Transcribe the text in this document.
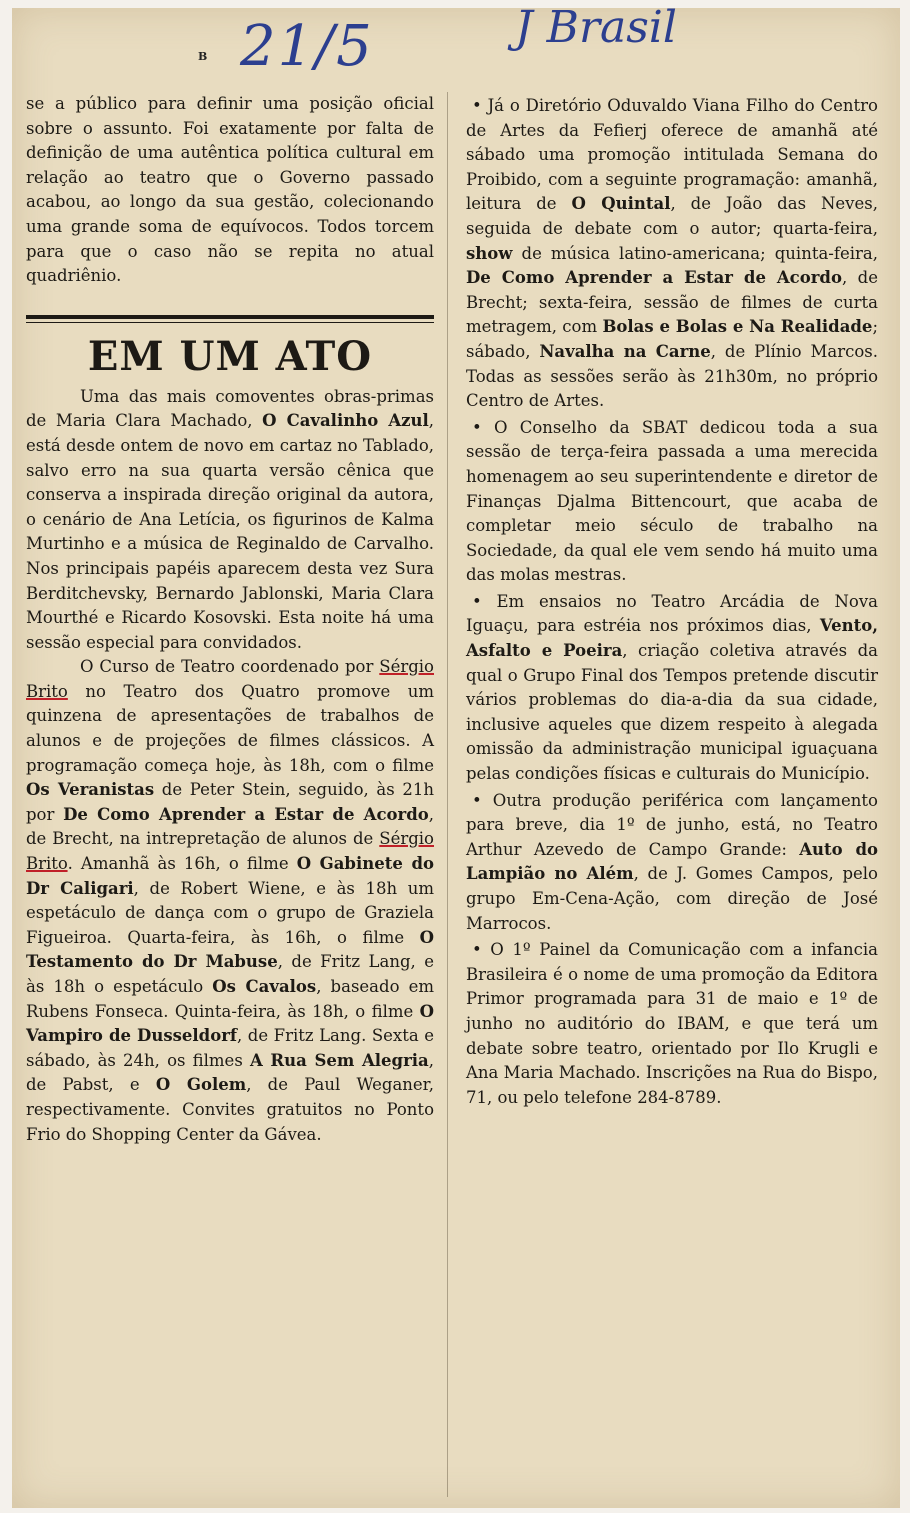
21/5	J Brasil
B

se a público para definir uma posição oficial sobre o assunto. Foi exatamente por falta de definição de uma autêntica política cultural em relação ao teatro que o Governo passado acabou, ao longo da sua gestão, colecionando uma grande soma de equívocos. Todos torcem para que o caso não se repita no atual quadriênio.

EM UM ATO

Uma das mais comoventes obras-primas de Maria Clara Machado, O Cavalinho Azul, está desde ontem de novo em cartaz no Tablado, salvo erro na sua quarta versão cênica que conserva a inspirada direção original da autora, o cenário de Ana Letícia, os figurinos de Kalma Murtinho e a música de Reginaldo de Carvalho. Nos principais papéis aparecem desta vez Sura Berditchevsky, Bernardo Jablonski, Maria Clara Mourthé e Ricardo Kosovski. Esta noite há uma sessão especial para convidados.

O Curso de Teatro coordenado por Sérgio Brito no Teatro dos Quatro promove um quinzena de apresentações de trabalhos de alunos e de projeções de filmes clássicos. A programação começa hoje, às 18h, com o filme Os Veranistas de Peter Stein, seguido, às 21h por De Como Aprender a Estar de Acordo, de Brecht, na intrepretação de alunos de Sérgio Brito. Amanhã às 16h, o filme O Gabinete do Dr Caligari, de Robert Wiene, e às 18h um espetáculo de dança com o grupo de Graziela Figueiroa. Quarta-feira, às 16h, o filme O Testamento do Dr Mabuse, de Fritz Lang, e às 18h o espetáculo Os Cavalos, baseado em Rubens Fonseca. Quinta-feira, às 18h, o filme O Vampiro de Dusseldorf, de Fritz Lang. Sexta e sábado, às 24h, os filmes A Rua Sem Alegria, de Pabst, e O Golem, de Paul Weganer, respectivamente. Convites gratuitos no Ponto Frio do Shopping Center da Gávea.

• Já o Diretório Oduvaldo Viana Filho do Centro de Artes da Fefierj oferece de amanhã até sábado uma promoção intitulada Semana do Proibido, com a seguinte programação: amanhã, leitura de O Quintal, de João das Neves, seguida de debate com o autor; quarta-feira, show de música latino-americana; quinta-feira, De Como Aprender a Estar de Acordo, de Brecht; sexta-feira, sessão de filmes de curta metragem, com Bolas e Bolas e Na Realidade; sábado, Navalha na Carne, de Plínio Marcos. Todas as sessões serão às 21h30m, no próprio Centro de Artes.

• O Conselho da SBAT dedicou toda a sua sessão de terça-feira passada a uma merecida homenagem ao seu superintendente e diretor de Finanças Djalma Bittencourt, que acaba de completar meio século de trabalho na Sociedade, da qual ele vem sendo há muito uma das molas mestras.

• Em ensaios no Teatro Arcádia de Nova Iguaçu, para estréia nos próximos dias, Vento, Asfalto e Poeira, criação coletiva através da qual o Grupo Final dos Tempos pretende discutir vários problemas do dia-a-dia da sua cidade, inclusive aqueles que dizem respeito à alegada omissão da administração municipal iguaçuana pelas condições físicas e culturais do Município.

• Outra produção periférica com lançamento para breve, dia 1º de junho, está, no Teatro Arthur Azevedo de Campo Grande: Auto do Lampião no Além, de J. Gomes Campos, pelo grupo Em-Cena-Ação, com direção de José Marrocos.

• O 1º Painel da Comunicação com a infancia Brasileira é o nome de uma promoção da Editora Primor programada para 31 de maio e 1º de junho no auditório do IBAM, e que terá um debate sobre teatro, orientado por Ilo Krugli e Ana Maria Machado. Inscrições na Rua do Bispo, 71, ou pelo telefone 284-8789.
